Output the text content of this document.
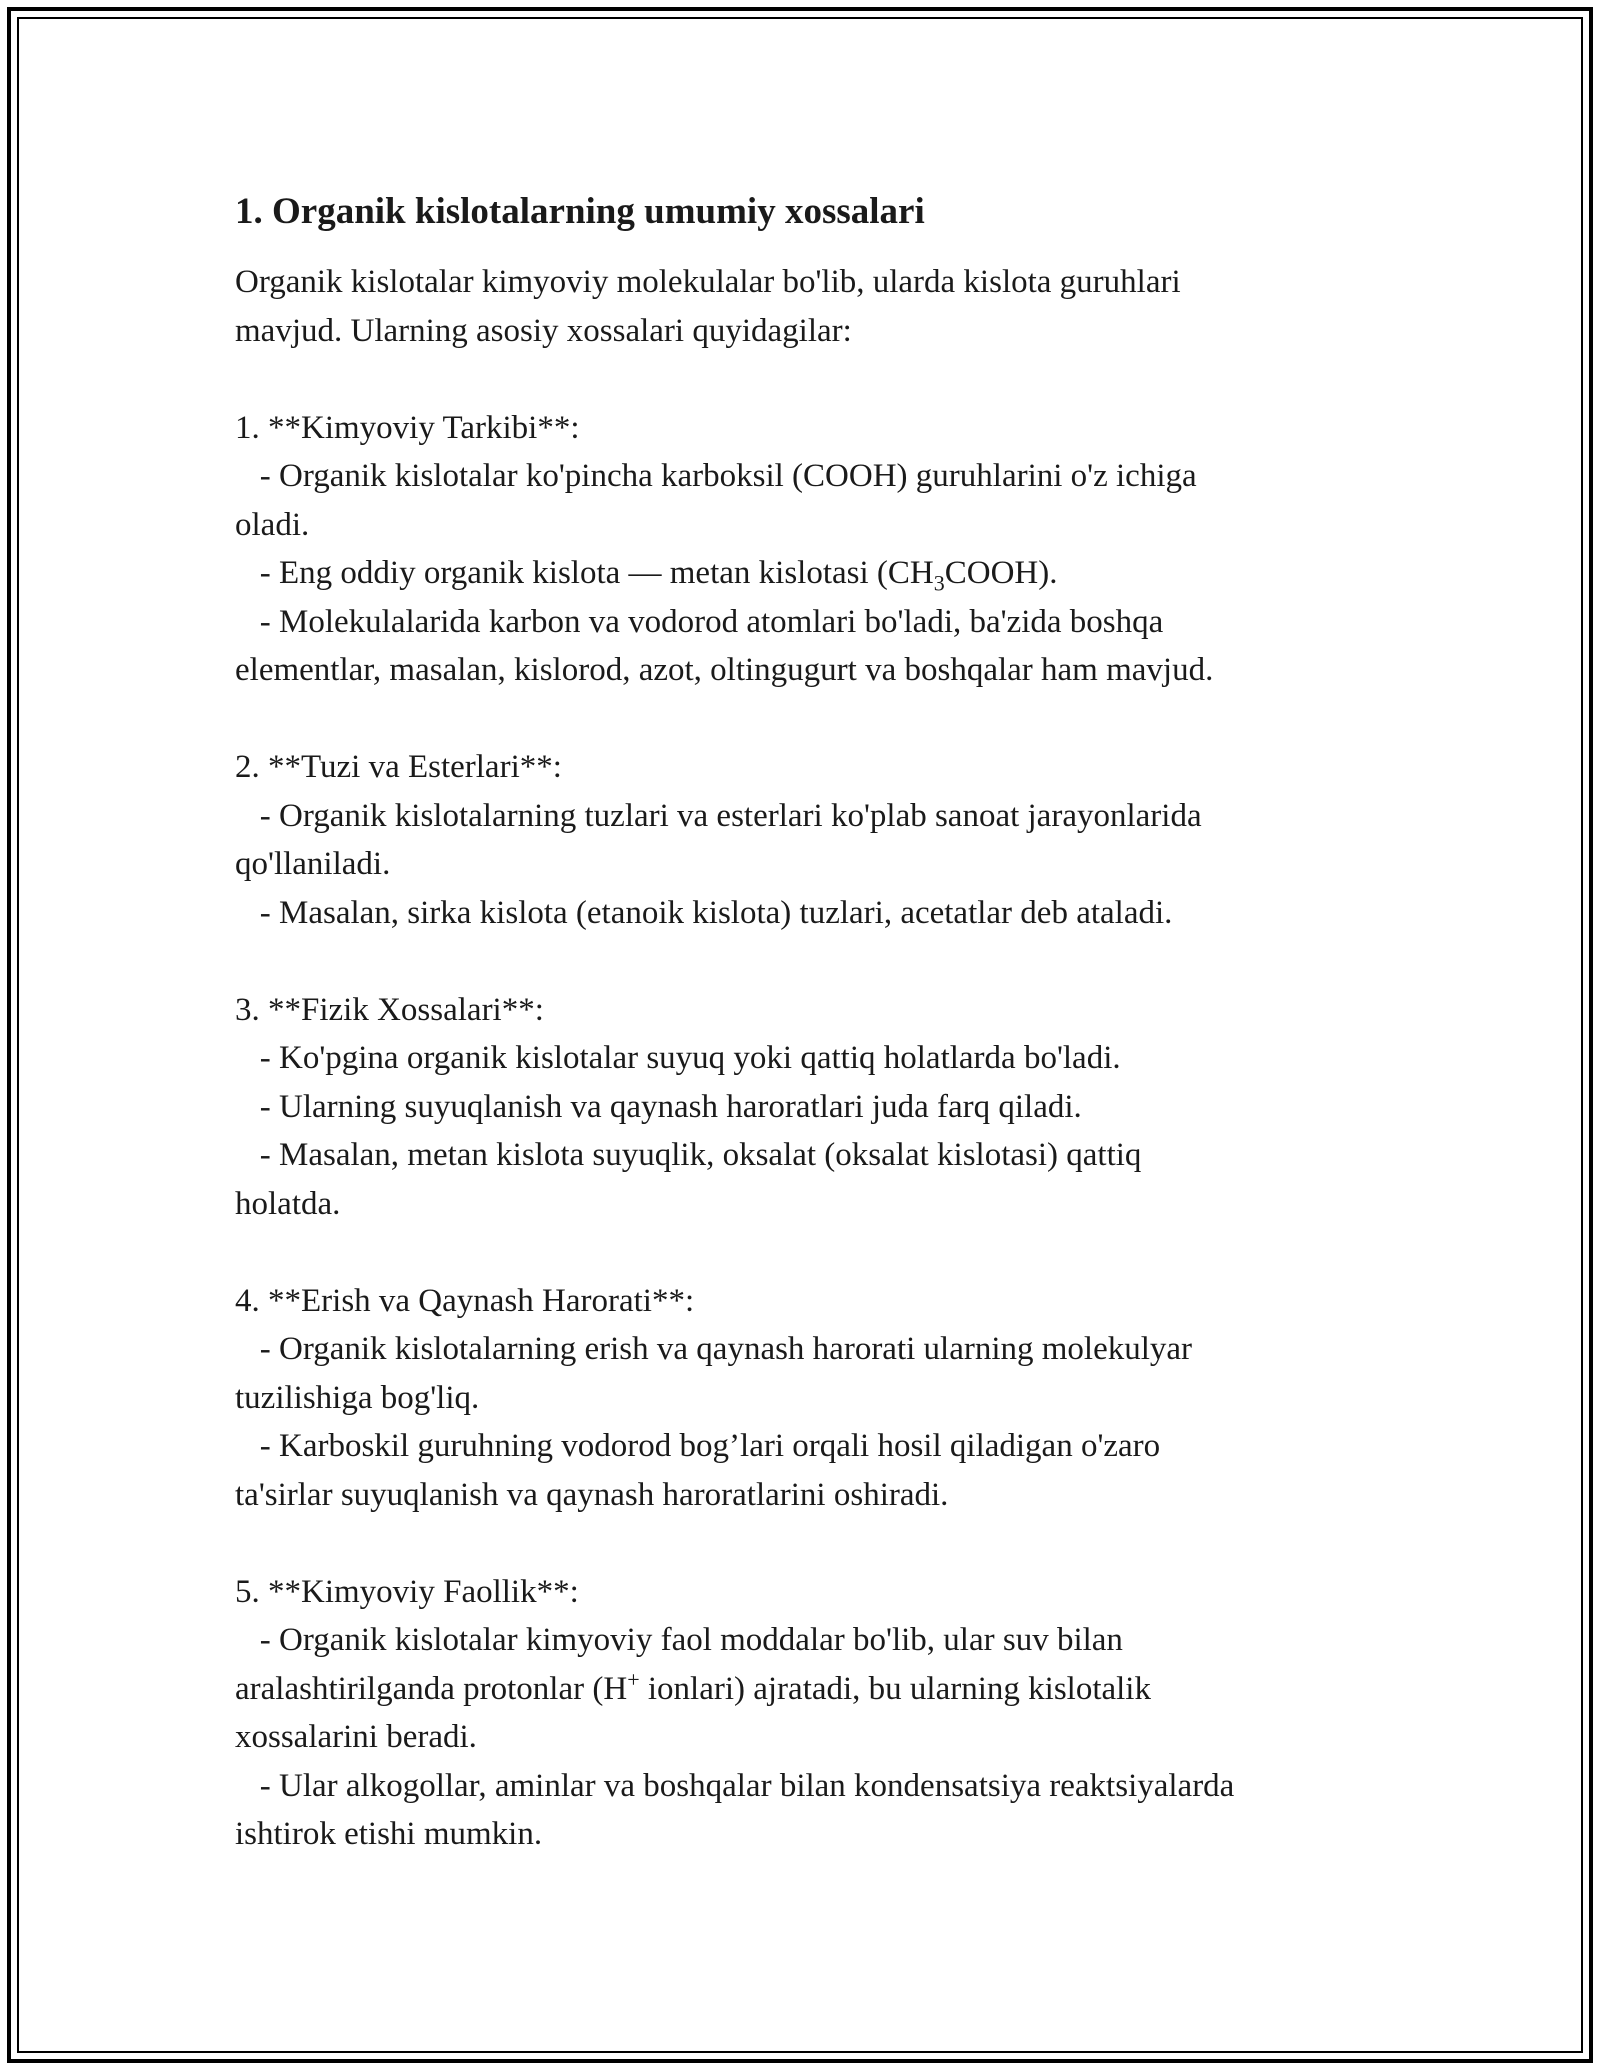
1. Organik kislotalarning umumiy xossalari

Organik kislotalar kimyoviy molekulalar bo'lib, ularda kislota guruhlari

mavjud. Ularning asosiy xossalari quyidagilar:

1. **Kimyoviy Tarkibi**:

- Organik kislotalar ko'pincha karboksil (COOH) guruhlarini o'z ichiga

oladi.

- Eng oddiy organik kislota — metan kislotasi $(CH_3COOH)$.

- Molekulalarida karbon va vodorod atomlari bo'ladi, ba'zida boshqa

elementlar, masalan, kislorod, azot, oltingugurt va boshqalar ham mavjud.

2. **Tuzi va Esterlari**:

- Organik kislotalarning tuzlari va esterlari ko'plab sanoat jarayonlarida

qo'llaniladi.

- Masalan, sirka kislota (etanoik kislota) tuzlari, acetatlar deb ataladi.

3. **Fizik Xossalari**:

- Ko'pgina organik kislotalar suyuq yoki qattiq holatlarda bo'ladi.

- Ularning suyuqlanish va qaynash haroratlari juda farq qiladi.

- Masalan, metan kislota suyuqlik, oksalat (oksalat kislotasi) qattiq

holatda.

4. **Erish va Qaynash Harorati**:

- Organik kislotalarning erish va qaynash harorati ularning molekulyar

tuzilishiga bog'liq.

- Karboskil guruhning vodorod bog’lari orqali hosil qiladigan o'zaro

ta'sirlar suyuqlanish va qaynash haroratlarini oshiradi.

5. **Kimyoviy Faollik**:

- Organik kislotalar kimyoviy faol moddalar bo'lib, ular suv bilan

aralashtirilganda protonlar (H+ ionlari) ajratadi, bu ularning kislotalik

xossalarini beradi.

- Ular alkogollar, aminlar va boshqalar bilan kondensatsiya reaktsiyalarda

ishtirok etishi mumkin.
